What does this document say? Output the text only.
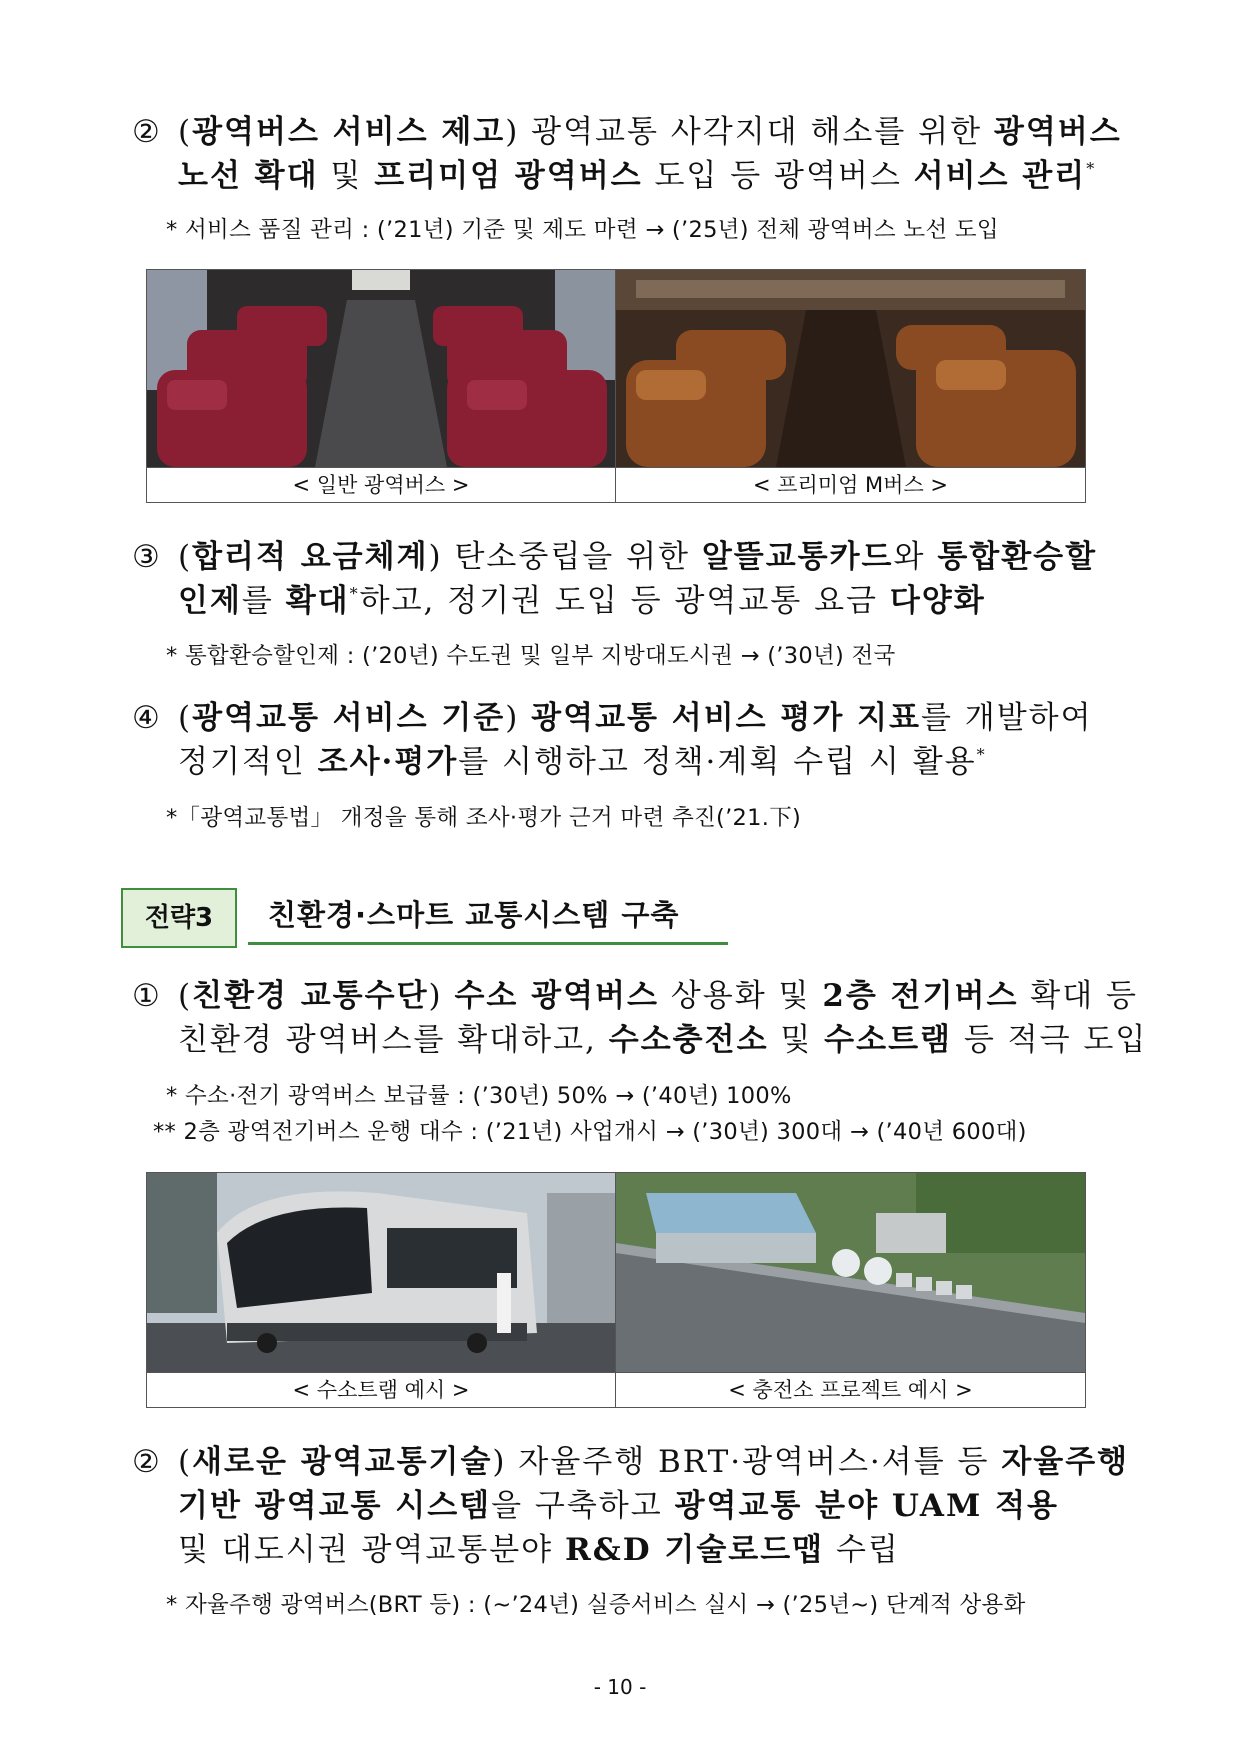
② (광역버스 서비스 제고) 광역교통 사각지대 해소를 위한 광역버스
노선 확대 및 프리미엄 광역버스 도입 등 광역버스 서비스 관리*
* 서비스 품질 관리 : (’21년) 기준 및 제도 마련 → (’25년) 전체 광역버스 노선 도입
< 일반 광역버스 >	< 프리미엄 M버스 >
③ (합리적 요금체계) 탄소중립을 위한 알뜰교통카드와 통합환승할
인제를 확대*하고, 정기권 도입 등 광역교통 요금 다양화
* 통합환승할인제 : (’20년) 수도권 및 일부 지방대도시권 → (’30년) 전국
④ (광역교통 서비스 기준) 광역교통 서비스 평가 지표를 개발하여
정기적인 조사·평가를 시행하고 정책·계획 수립 시 활용*
*「광역교통법」 개정을 통해 조사·평가 근거 마련 추진(’21.下)
전략3	친환경·스마트 교통시스템 구축
① (친환경 교통수단) 수소 광역버스 상용화 및 2층 전기버스 확대 등
친환경 광역버스를 확대하고, 수소충전소 및 수소트램 등 적극 도입
* 수소·전기 광역버스 보급률 : (’30년) 50% → (’40년) 100%
** 2층 광역전기버스 운행 대수 : (’21년) 사업개시 → (’30년) 300대 → (’40년 600대)
< 수소트램 예시 >	< 충전소 프로젝트 예시 >
② (새로운 광역교통기술) 자율주행 BRT·광역버스·셔틀 등 자율주행
기반 광역교통 시스템을 구축하고 광역교통 분야 UAM 적용
및 대도시권 광역교통분야 R&D 기술로드맵 수립
* 자율주행 광역버스(BRT 등) : (~’24년) 실증서비스 실시 → (’25년~) 단계적 상용화
- 10 -
